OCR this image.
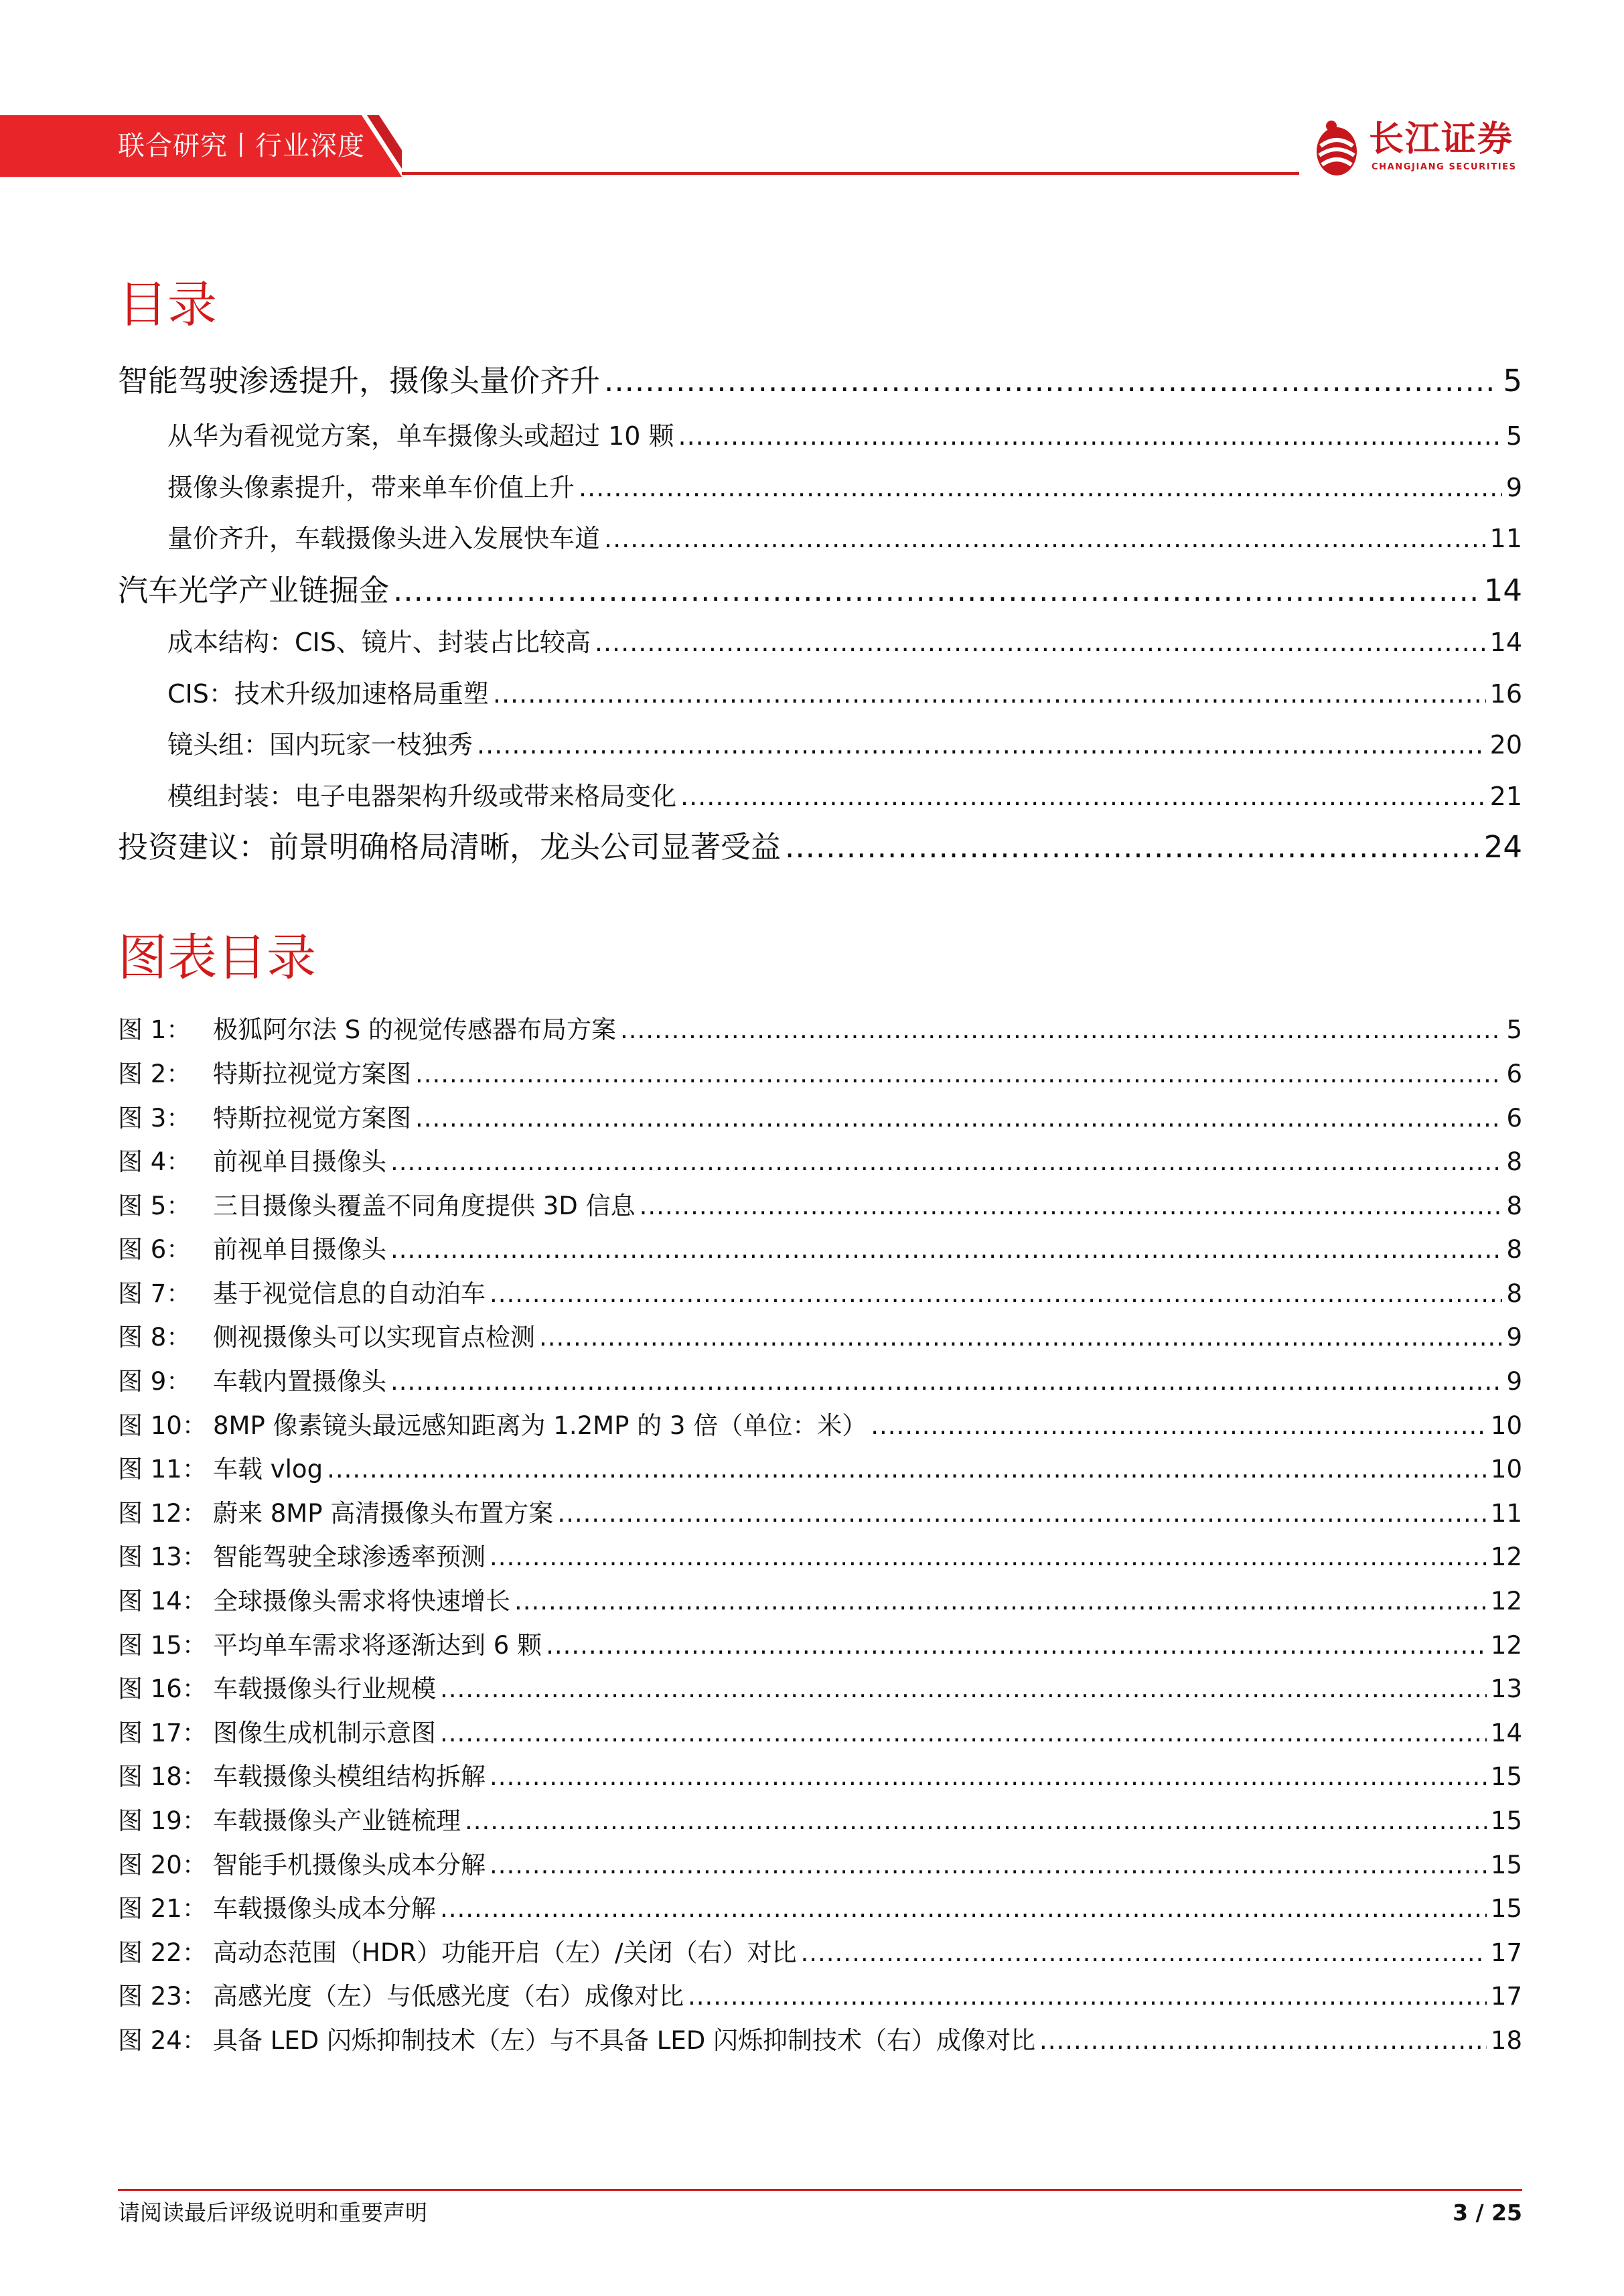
联合研究丨行业深度	长江证券
CHANGJIANG SECURITIES
目录
智能驾驶渗透提升，摄像头量价齐升 .....	5
从华为看视觉方案，单车摄像头或超过 10 颗 .....	5
摄像头像素提升，带来单车价值上升 .....	9
量价齐升，车载摄像头进入发展快车道 .....	11
汽车光学产业链掘金 .....	14
成本结构：CIS、镜片、封装占比较高 .....	14
CIS：技术升级加速格局重塑 .....	16
镜头组：国内玩家一枝独秀 .....	20
模组封装：电子电器架构升级或带来格局变化 .....	21
投资建议：前景明确格局清晰，龙头公司显著受益 .....	24
图表目录
图 1： 极狐阿尔法 S 的视觉传感器布局方案 .....	5
图 2： 特斯拉视觉方案图 .....	6
图 3： 特斯拉视觉方案图 .....	6
图 4： 前视单目摄像头 .....	8
图 5： 三目摄像头覆盖不同角度提供 3D 信息 .....	8
图 6： 前视单目摄像头 .....	8
图 7： 基于视觉信息的自动泊车 .....	8
图 8： 侧视摄像头可以实现盲点检测 .....	9
图 9： 车载内置摄像头 .....	9
图 10： 8MP 像素镜头最远感知距离为 1.2MP 的 3 倍（单位：米） .....	10
图 11： 车载 vlog .....	10
图 12： 蔚来 8MP 高清摄像头布置方案 .....	11
图 13： 智能驾驶全球渗透率预测 .....	12
图 14： 全球摄像头需求将快速增长 .....	12
图 15： 平均单车需求将逐渐达到 6 颗 .....	12
图 16： 车载摄像头行业规模 .....	13
图 17： 图像生成机制示意图 .....	14
图 18： 车载摄像头模组结构拆解 .....	15
图 19： 车载摄像头产业链梳理 .....	15
图 20： 智能手机摄像头成本分解 .....	15
图 21： 车载摄像头成本分解 .....	15
图 22： 高动态范围（HDR）功能开启（左）/关闭（右）对比 .....	17
图 23： 高感光度（左）与低感光度（右）成像对比 .....	17
图 24： 具备 LED 闪烁抑制技术（左）与不具备 LED 闪烁抑制技术（右）成像对比 .....	18
请阅读最后评级说明和重要声明	3 / 25
